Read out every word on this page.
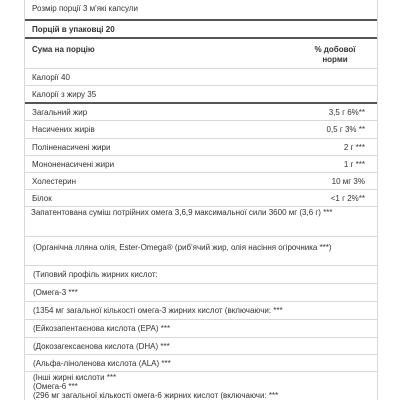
Розмір порції 3 м'які капсули
Порцій в упаковці 20
Сума на порцію	% добової норми
Калорії 40
Калорії з жиру 35
Загальний жир	3,5 г 6%**
Насичених жирів	0,5 г 3% **
Поліненасичені жири	2 г ***
Мононенасичені жири	1 г ***
Холестерин	10 мг 3%
Білок	<1 г 2%**
Запатентована суміш потрійних омега 3,6,9 максимальної сили 3600 мг (3,6 г) ***
(Органічна лляна олія, Ester-Omega® (риб'ячий жир, олія насіння огірочника ***)
(Типовий профіль жирних кислот:
(Омега-3 ***
(1354 мг загальної кількості омега-3 жирних кислот (включаючи: ***
(Ейкозапентаєнова кислота (EPA) ***
(Докозагексаєнова кислота (DHA) ***
(Альфа-ліноленова кислота (ALA) ***
(Інші жирні кислоти ***
(Омега-6 ***
(296 мг загальної кількості омега-6 жирних кислот (включаючи: ***
